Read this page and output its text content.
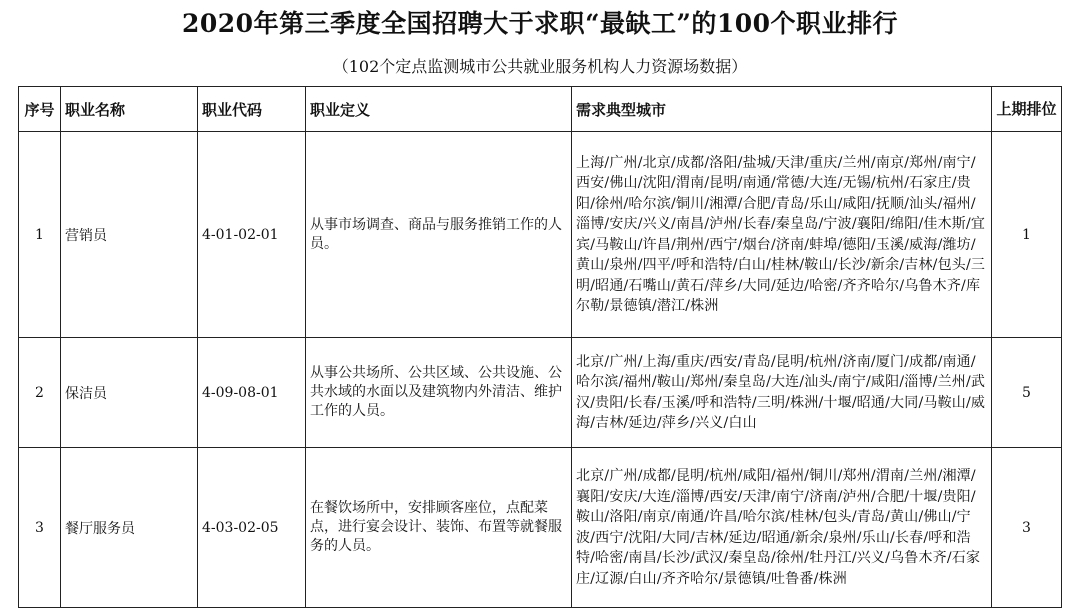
2020年第三季度全国招聘大于求职“最缺工”的100个职业排行
（102个定点监测城市公共就业服务机构人力资源场数据）
序号	职业名称	职业代码	职业定义	需求典型城市	上期排位
1	营销员	4-01-02-01	从事市场调查、商品与服务推销工作的人员。	上海/广州/北京/成都/洛阳/盐城/天津/重庆/兰州/南京/郑州/南宁/西安/佛山/沈阳/渭南/昆明/南通/常德/大连/无锡/杭州/石家庄/贵阳/徐州/哈尔滨/铜川/湘潭/合肥/青岛/乐山/咸阳/抚顺/汕头/福州/淄博/安庆/兴义/南昌/泸州/长春/秦皇岛/宁波/襄阳/绵阳/佳木斯/宜宾/马鞍山/许昌/荆州/西宁/烟台/济南/蚌埠/德阳/玉溪/威海/潍坊/黄山/泉州/四平/呼和浩特/白山/桂林/鞍山/长沙/新余/吉林/包头/三明/昭通/石嘴山/黄石/萍乡/大同/延边/哈密/齐齐哈尔/乌鲁木齐/库尔勒/景德镇/潜江/株洲	1
2	保洁员	4-09-08-01	从事公共场所、公共区域、公共设施、公共水域的水面以及建筑物内外清洁、维护工作的人员。	北京/广州/上海/重庆/西安/青岛/昆明/杭州/济南/厦门/成都/南通/哈尔滨/福州/鞍山/郑州/秦皇岛/大连/汕头/南宁/咸阳/淄博/兰州/武汉/贵阳/长春/玉溪/呼和浩特/三明/株洲/十堰/昭通/大同/马鞍山/威海/吉林/延边/萍乡/兴义/白山	5
3	餐厅服务员	4-03-02-05	在餐饮场所中，安排顾客座位，点配菜点，进行宴会设计、装饰、布置等就餐服务的人员。	北京/广州/成都/昆明/杭州/咸阳/福州/铜川/郑州/渭南/兰州/湘潭/襄阳/安庆/大连/淄博/西安/天津/南宁/济南/泸州/合肥/十堰/贵阳/鞍山/洛阳/南京/南通/许昌/哈尔滨/桂林/包头/青岛/黄山/佛山/宁波/西宁/沈阳/大同/吉林/延边/昭通/新余/泉州/乐山/长春/呼和浩特/哈密/南昌/长沙/武汉/秦皇岛/徐州/牡丹江/兴义/乌鲁木齐/石家庄/辽源/白山/齐齐哈尔/景德镇/吐鲁番/株洲	3
